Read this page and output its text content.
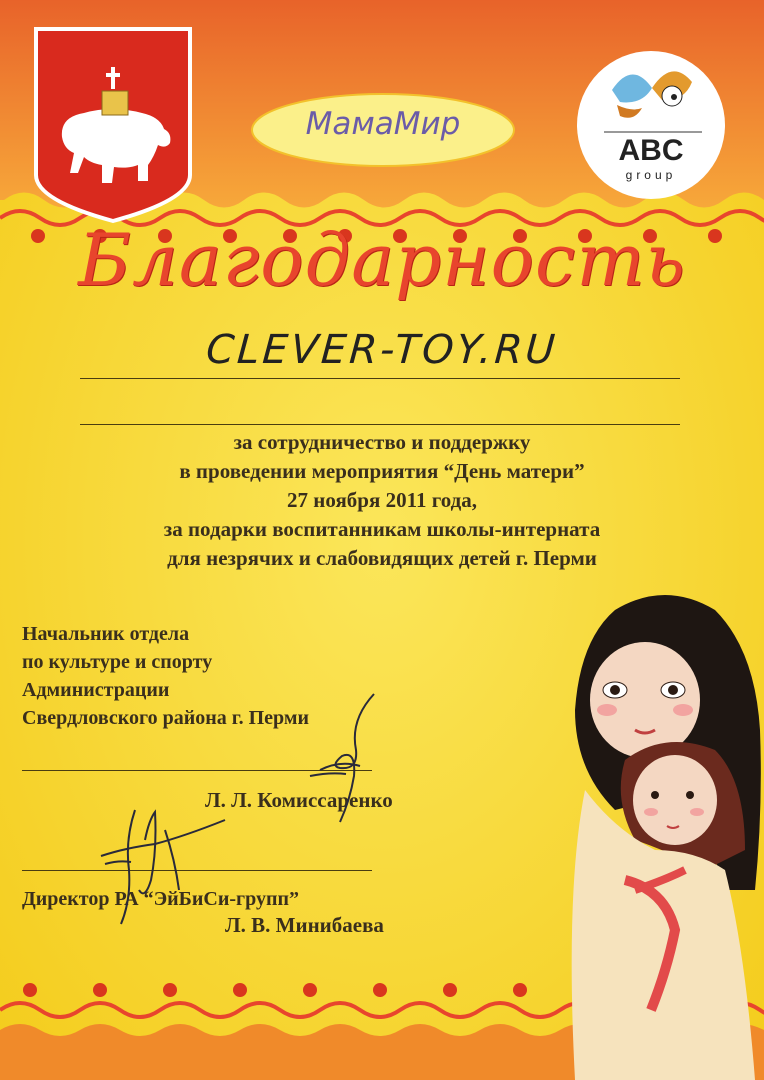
МамаМир
ABC
group
Благодарность
CLEVER-TOY.RU
за сотрудничество и поддержку
в проведении мероприятия “День матери”
27 ноября 2011 года,
за подарки воспитанникам школы-интерната
для незрячих и слабовидящих детей г. Перми
Начальник отдела
по культуре и спорту
Администрации
Свердловского района г. Перми
Л. Л. Комиссаренко
Директор РА “ЭйБиСи-групп”
Л. В. Минибаева
